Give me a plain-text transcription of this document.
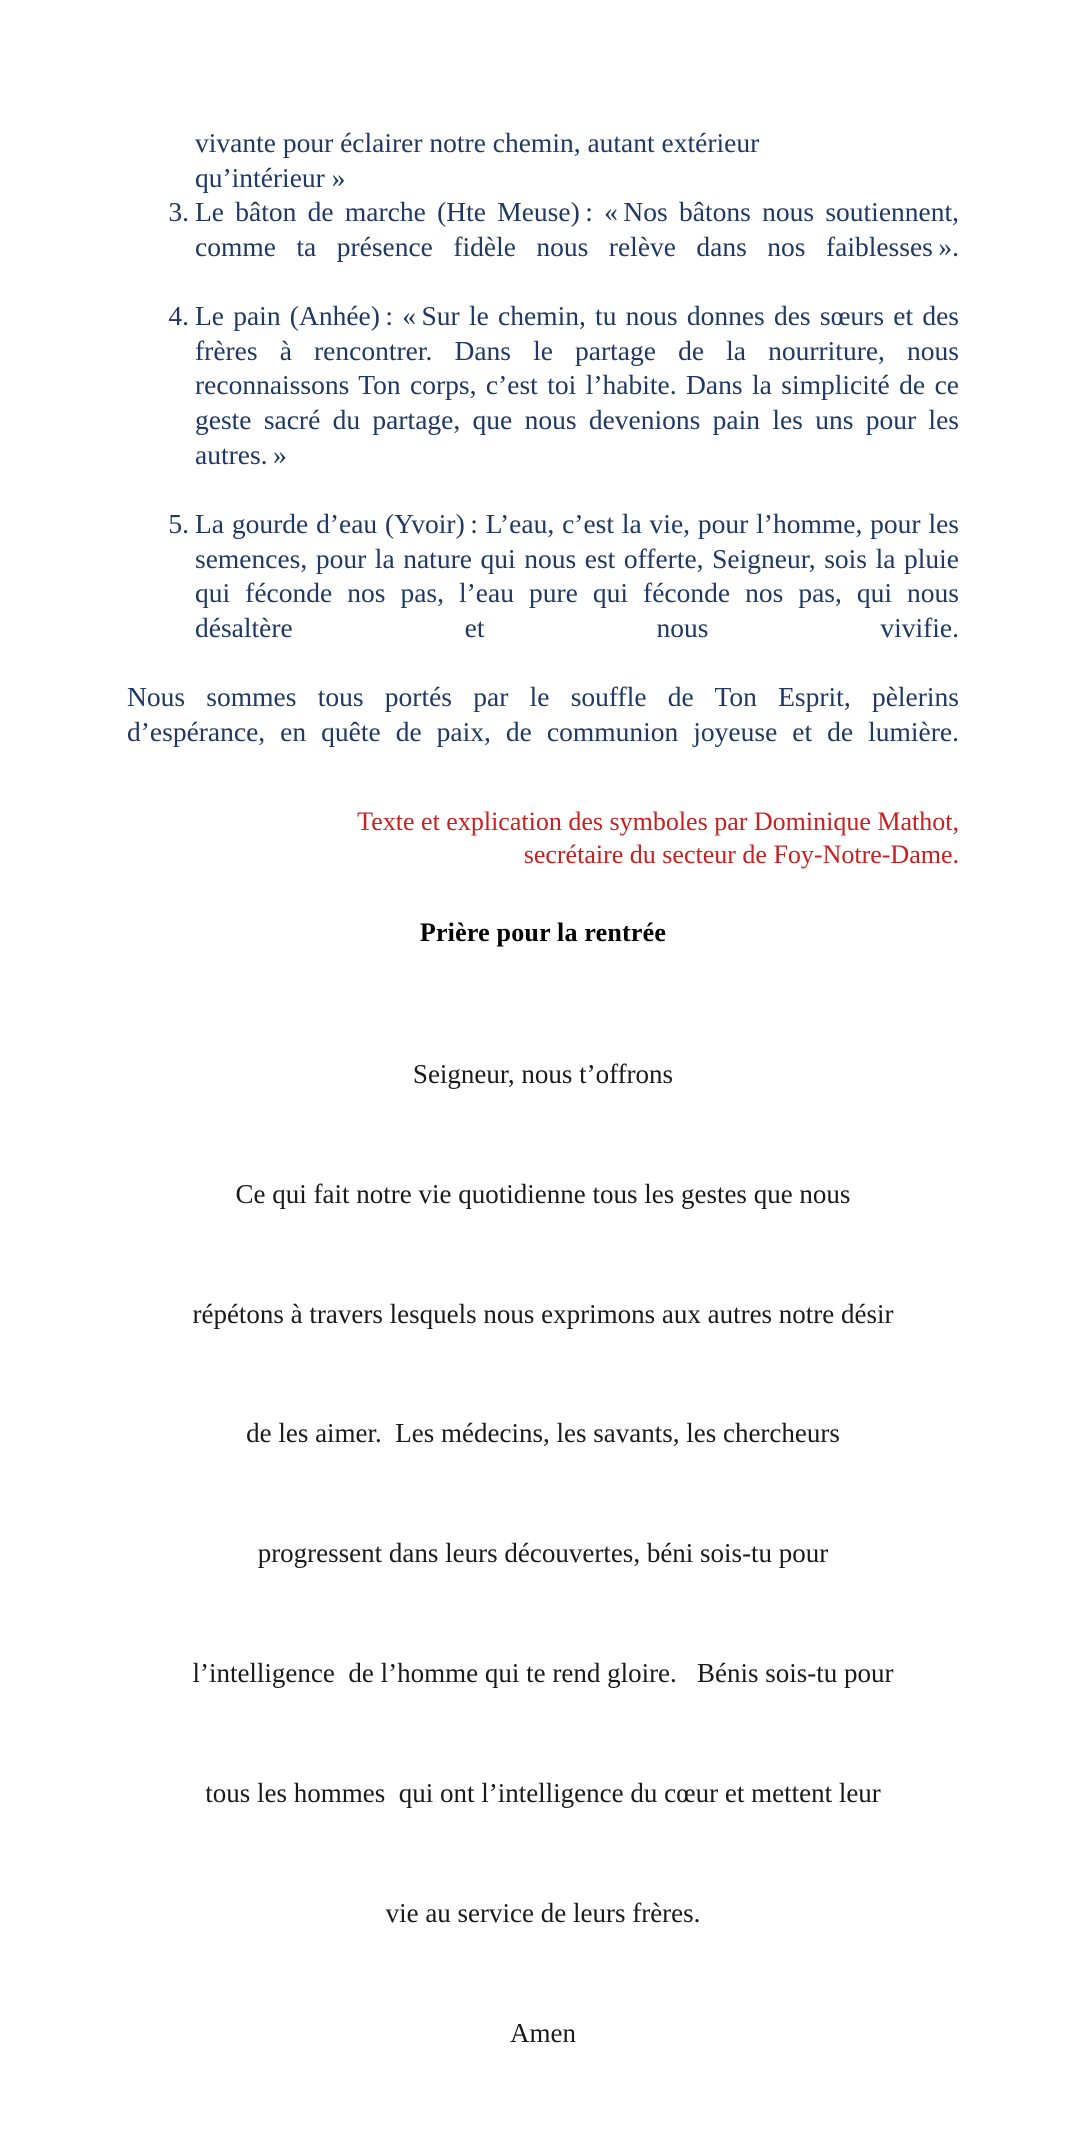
vivante pour éclairer notre chemin, autant extérieur
qu’intérieur »
3. Le bâton de marche (Hte Meuse) : « Nos bâtons nous soutiennent, comme ta présence fidèle nous relève dans nos faiblesses ».
4. Le pain (Anhée) : « Sur le chemin, tu nous donnes des sœurs et des frères à rencontrer. Dans le partage de la nourriture, nous reconnaissons Ton corps, c’est toi l’habite. Dans la simplicité de ce geste sacré du partage, que nous devenions pain les uns pour les autres. »
5. La gourde d’eau (Yvoir) : L’eau, c’est la vie, pour l’homme, pour les semences, pour la nature qui nous est offerte, Seigneur, sois la pluie qui féconde nos pas, l’eau pure qui féconde nos pas, qui nous désaltère et nous vivifie.

Nous sommes tous portés par le souffle de Ton Esprit, pèlerins d’espérance, en quête de paix, de communion joyeuse et de lumière.

Texte et explication des symboles par Dominique Mathot,
secrétaire du secteur de Foy-Notre-Dame.
Prière pour la rentrée

Seigneur, nous t’offrons

Ce qui fait notre vie quotidienne tous les gestes que nous

répétons à travers lesquels nous exprimons aux autres notre désir

de les aimer.  Les médecins, les savants, les chercheurs

progressent dans leurs découvertes, béni sois-tu pour

l’intelligence  de l’homme qui te rend gloire.   Bénis sois-tu pour

tous les hommes  qui ont l’intelligence du cœur et mettent leur

vie au service de leurs frères.

Amen
